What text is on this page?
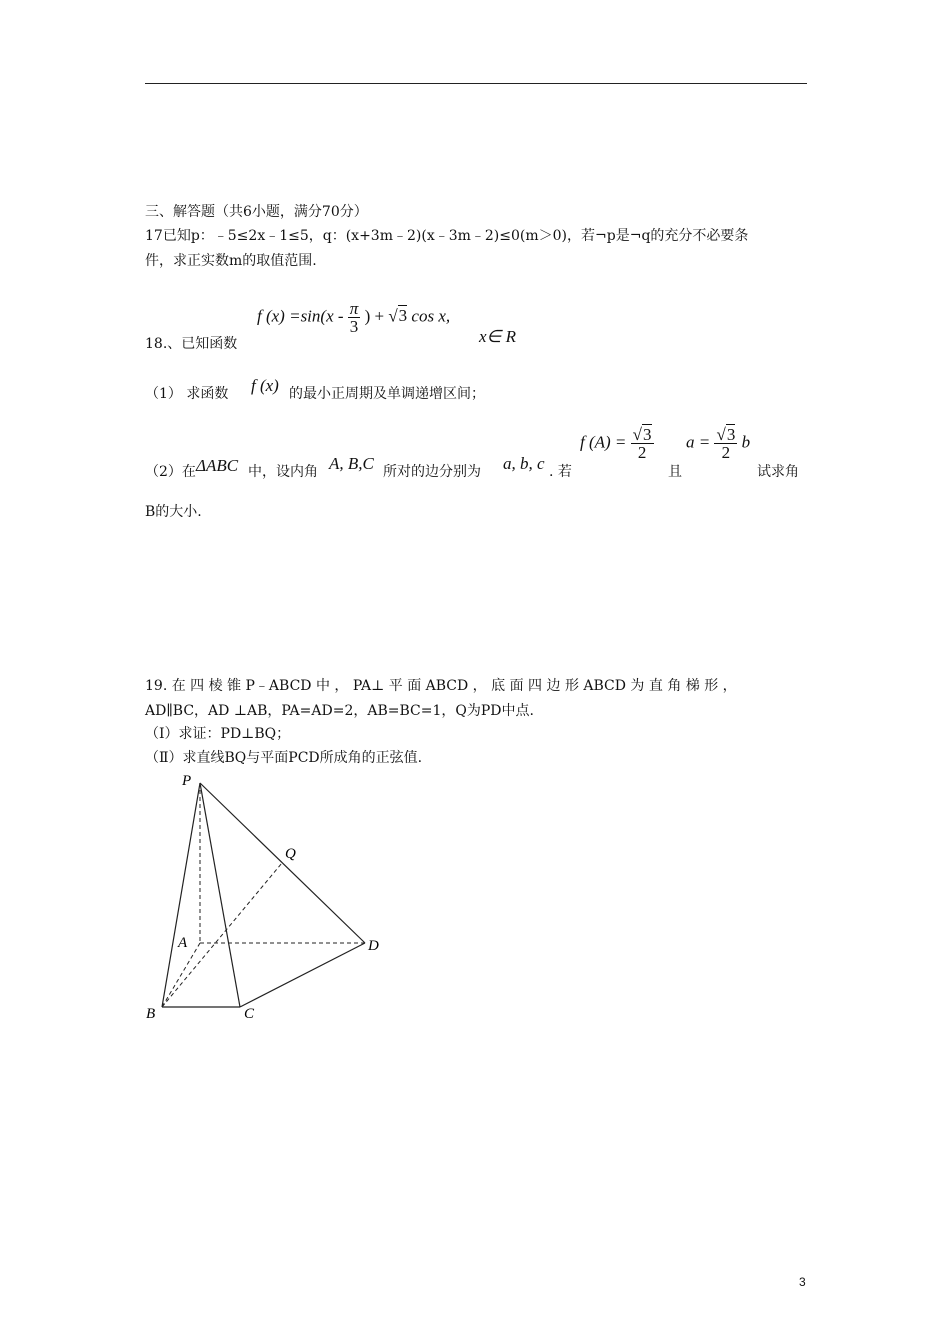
三、解答题（共6小题，满分70分）
17已知p：﹣5≤2x﹣1≤5，q：(x+3m﹣2)(x﹣3m﹣2)≤0(m＞0)，若¬p是¬q的充分不必要条
件，求正实数m的取值范围.
f $(x) =\sin(x - \frac{\pi}{3}$ ) + √3 cos x,
18.、已知函数	x∈ R
（1） 求函数 f (x) 的最小正周期及单调递增区间；
（2）在 ΔABC 中，设内角 A, B,C 所对的边分别为 a, b, c . 若
f $(A) = \frac{√3}{2}$
且
$a = \frac{√3}{2}$ b
试求角
B的大小.
19. 在 四 棱 锥 P﹣ABCD 中 ， PA⊥ 平 面 ABCD ， 底 面 四 边 形 ABCD 为 直 角 梯 形 ，
AD∥BC，AD ⊥AB，PA=AD=2，AB=BC=1，Q为PD中点.
（Ⅰ）求证：PD⊥BQ；
（Ⅱ）求直线BQ与平面PCD所成角的正弦值.
P
Q
A	D
B	C
3
